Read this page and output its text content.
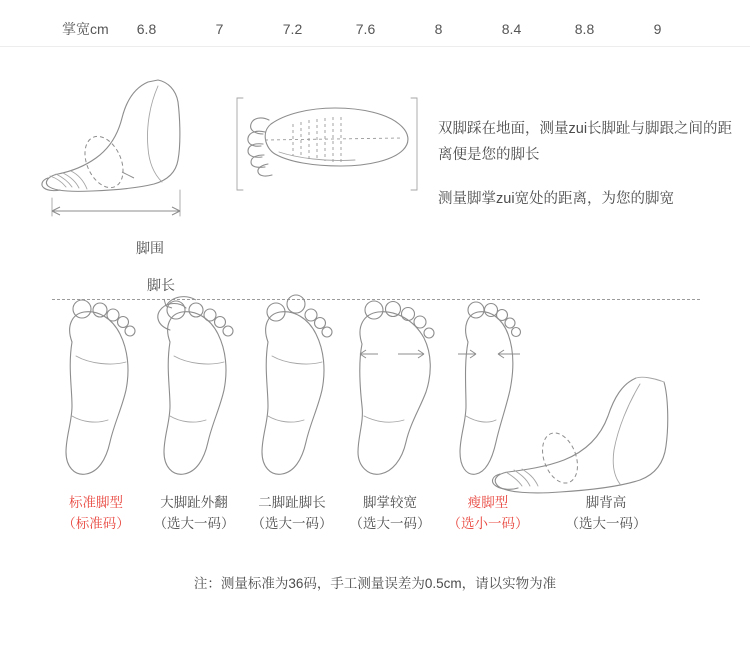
掌宽cm	6.8	7	7.2	7.6	8	8.4	8.8	9
脚围
脚长

双脚踩在地面，测量zui长脚趾与脚跟之间的距离便是您的脚长

测量脚掌zui宽处的距离，为您的脚宽

标准脚型
（标准码）
大脚趾外翻
（选大一码）
二脚趾脚长
（选大一码）
脚掌较宽
（选大一码）
瘦脚型
（选小一码）
脚背高
（选大一码）
注：测量标准为36码，手工测量误差为0.5cm，请以实物为准
